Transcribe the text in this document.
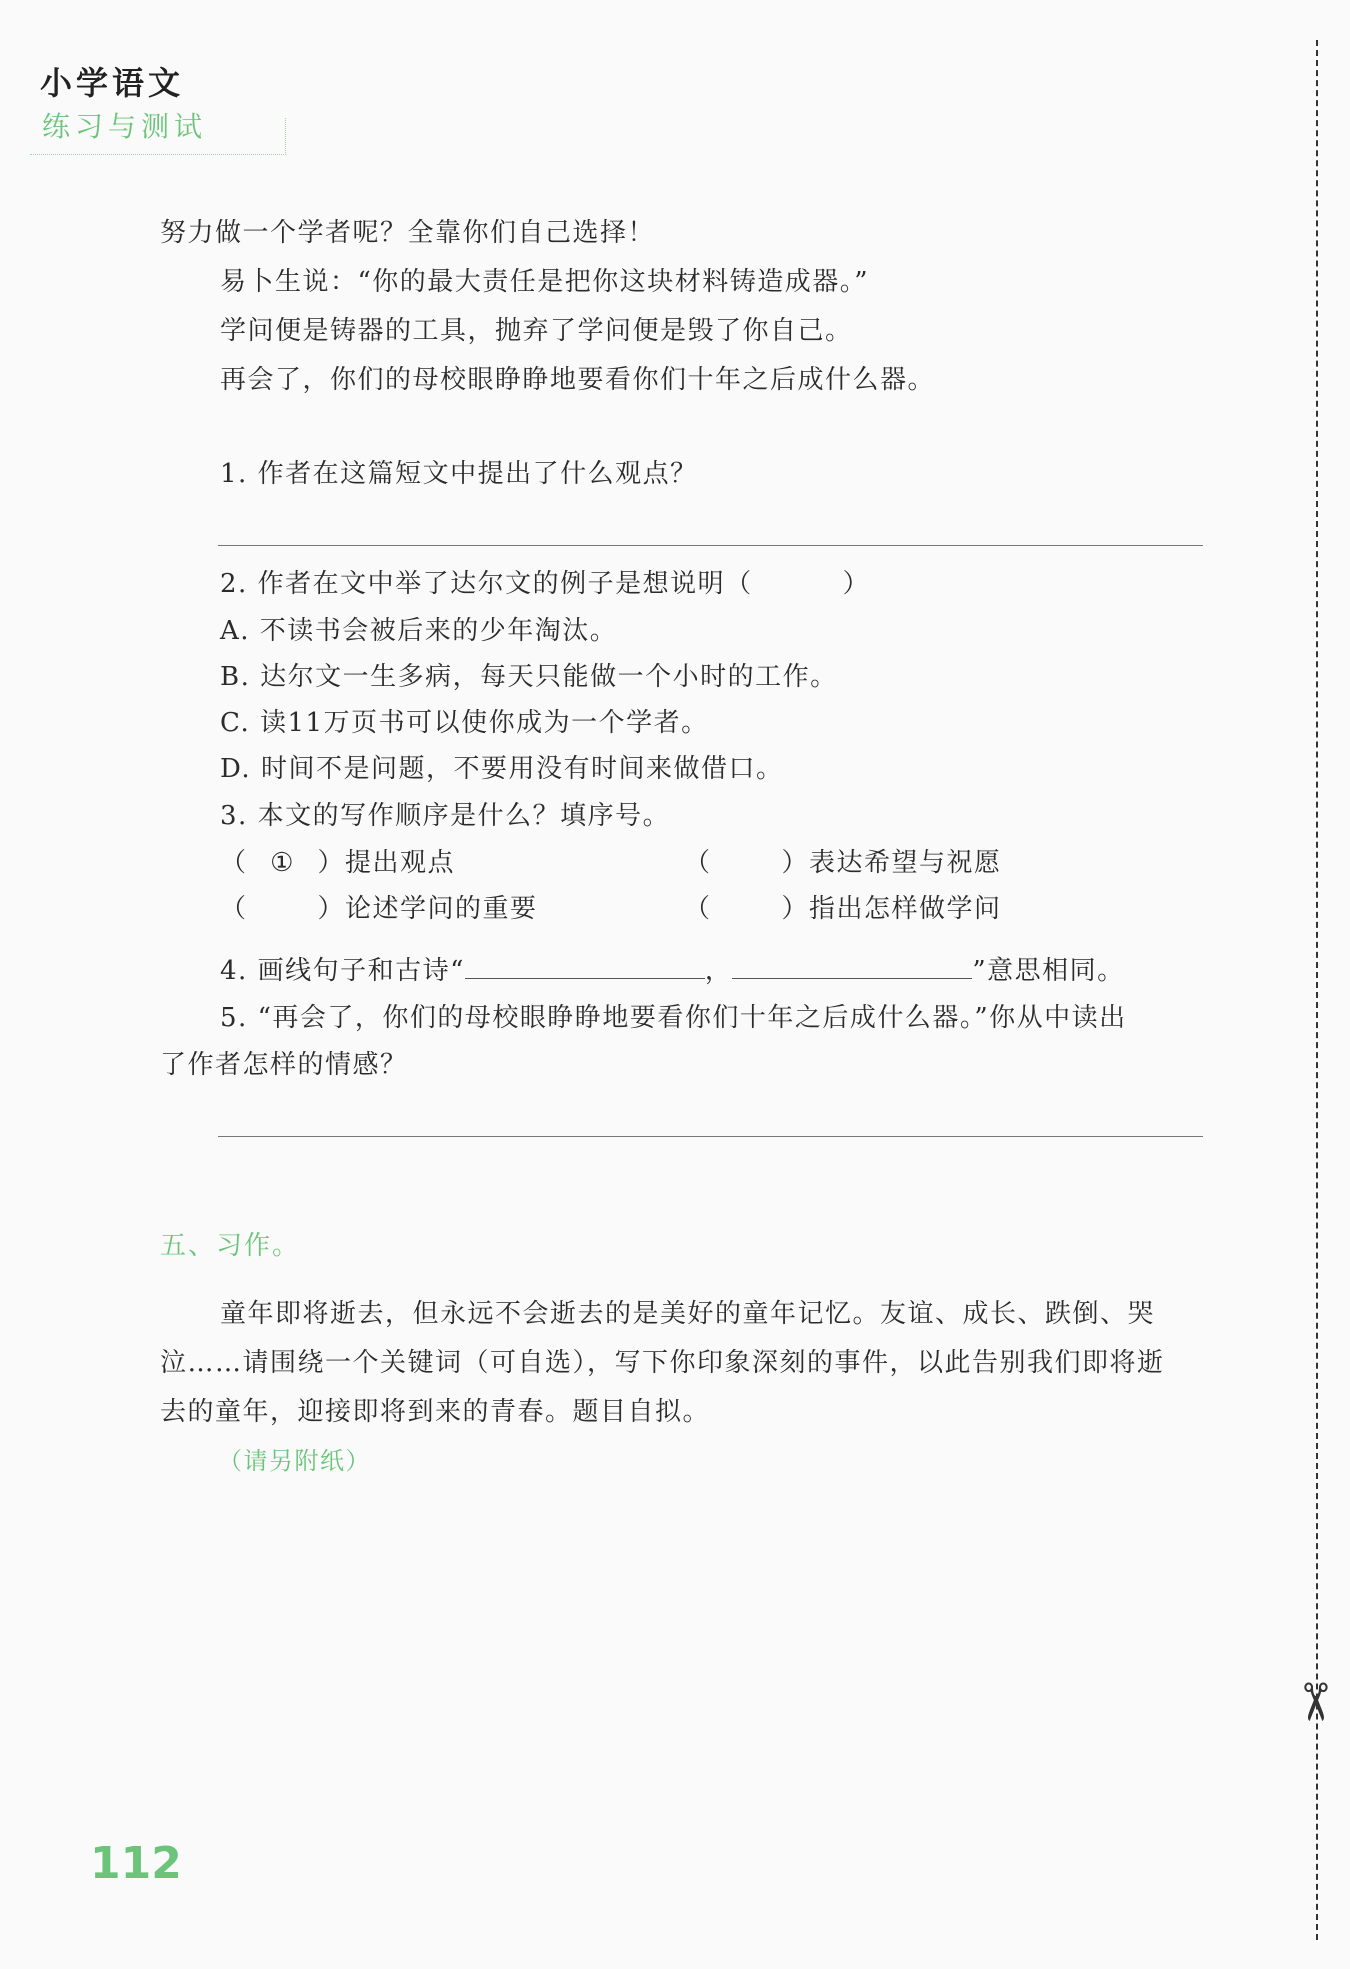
小学语文
练习与测试
努力做一个学者呢？全靠你们自己选择！
易卜生说：“你的最大责任是把你这块材料铸造成器。”
学问便是铸器的工具，抛弃了学问便是毁了你自己。
再会了，你们的母校眼睁睁地要看你们十年之后成什么器。
1. 作者在这篇短文中提出了什么观点？
2. 作者在文中举了达尔文的例子是想说明（	）
A. 不读书会被后来的少年淘汰。
B. 达尔文一生多病，每天只能做一个小时的工作。
C. 读11万页书可以使你成为一个学者。
D. 时间不是问题，不要用没有时间来做借口。
3. 本文的写作顺序是什么？填序号。
（ ① ）提出观点	（	）表达希望与祝愿
（	）论述学问的重要	（	）指出怎样做学问
4. 画线句子和古诗“	，	”意思相同。
5. “再会了，你们的母校眼睁睁地要看你们十年之后成什么器。”你从中读出
了作者怎样的情感？
五、习作。
童年即将逝去，但永远不会逝去的是美好的童年记忆。友谊、成长、跌倒、哭
泣……请围绕一个关键词（可自选），写下你印象深刻的事件，以此告别我们即将逝
去的童年，迎接即将到来的青春。题目自拟。
（请另附纸）
112
✂
